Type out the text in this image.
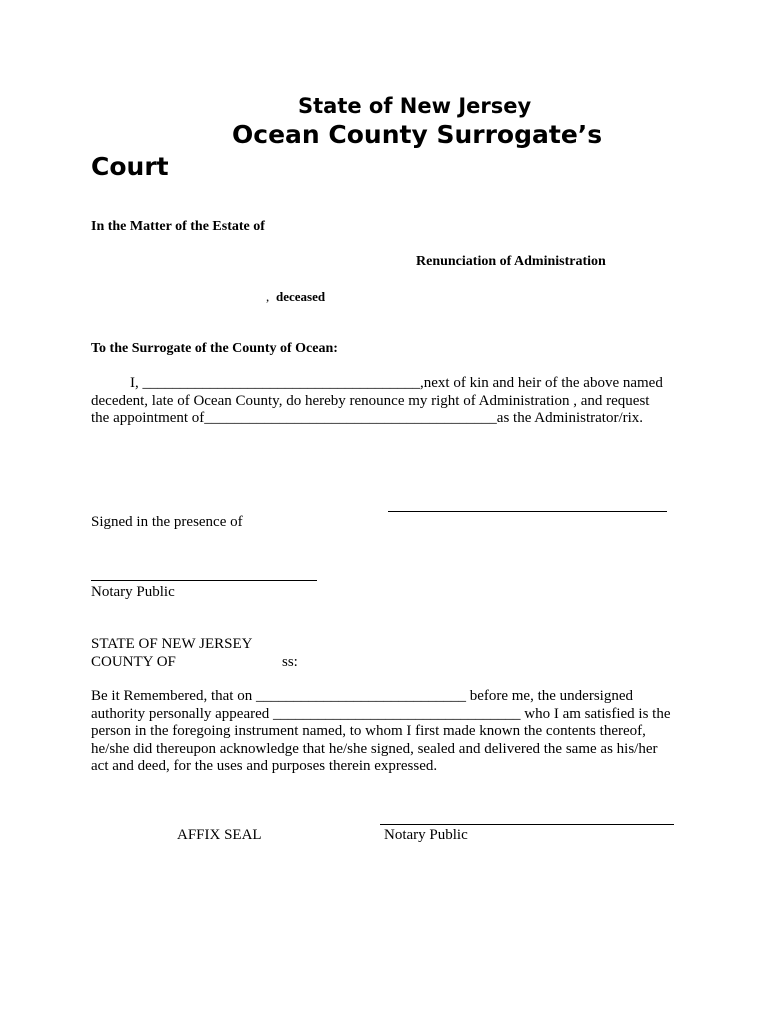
State of New Jersey
Ocean County Surrogate’s
Court
In the Matter of the Estate of
Renunciation of Administration
, deceased
To the Surrogate of the County of Ocean:
I, _____________________________________,next of kin and heir of the above named
decedent, late of Ocean County, do hereby renounce my right of Administration , and request
the appointment of_______________________________________as the Administrator/rix.
Signed in the presence of
Notary Public
STATE OF NEW JERSEY
COUNTY OF	ss:
Be it Remembered, that on ____________________________ before me, the undersigned
authority personally appeared _________________________________ who I am satisfied is the
person in the foregoing instrument named, to whom I first made known the contents thereof,
he/she did thereupon acknowledge that he/she signed, sealed and delivered the same as his/her
act and deed, for the uses and purposes therein expressed.
AFFIX SEAL	Notary Public
